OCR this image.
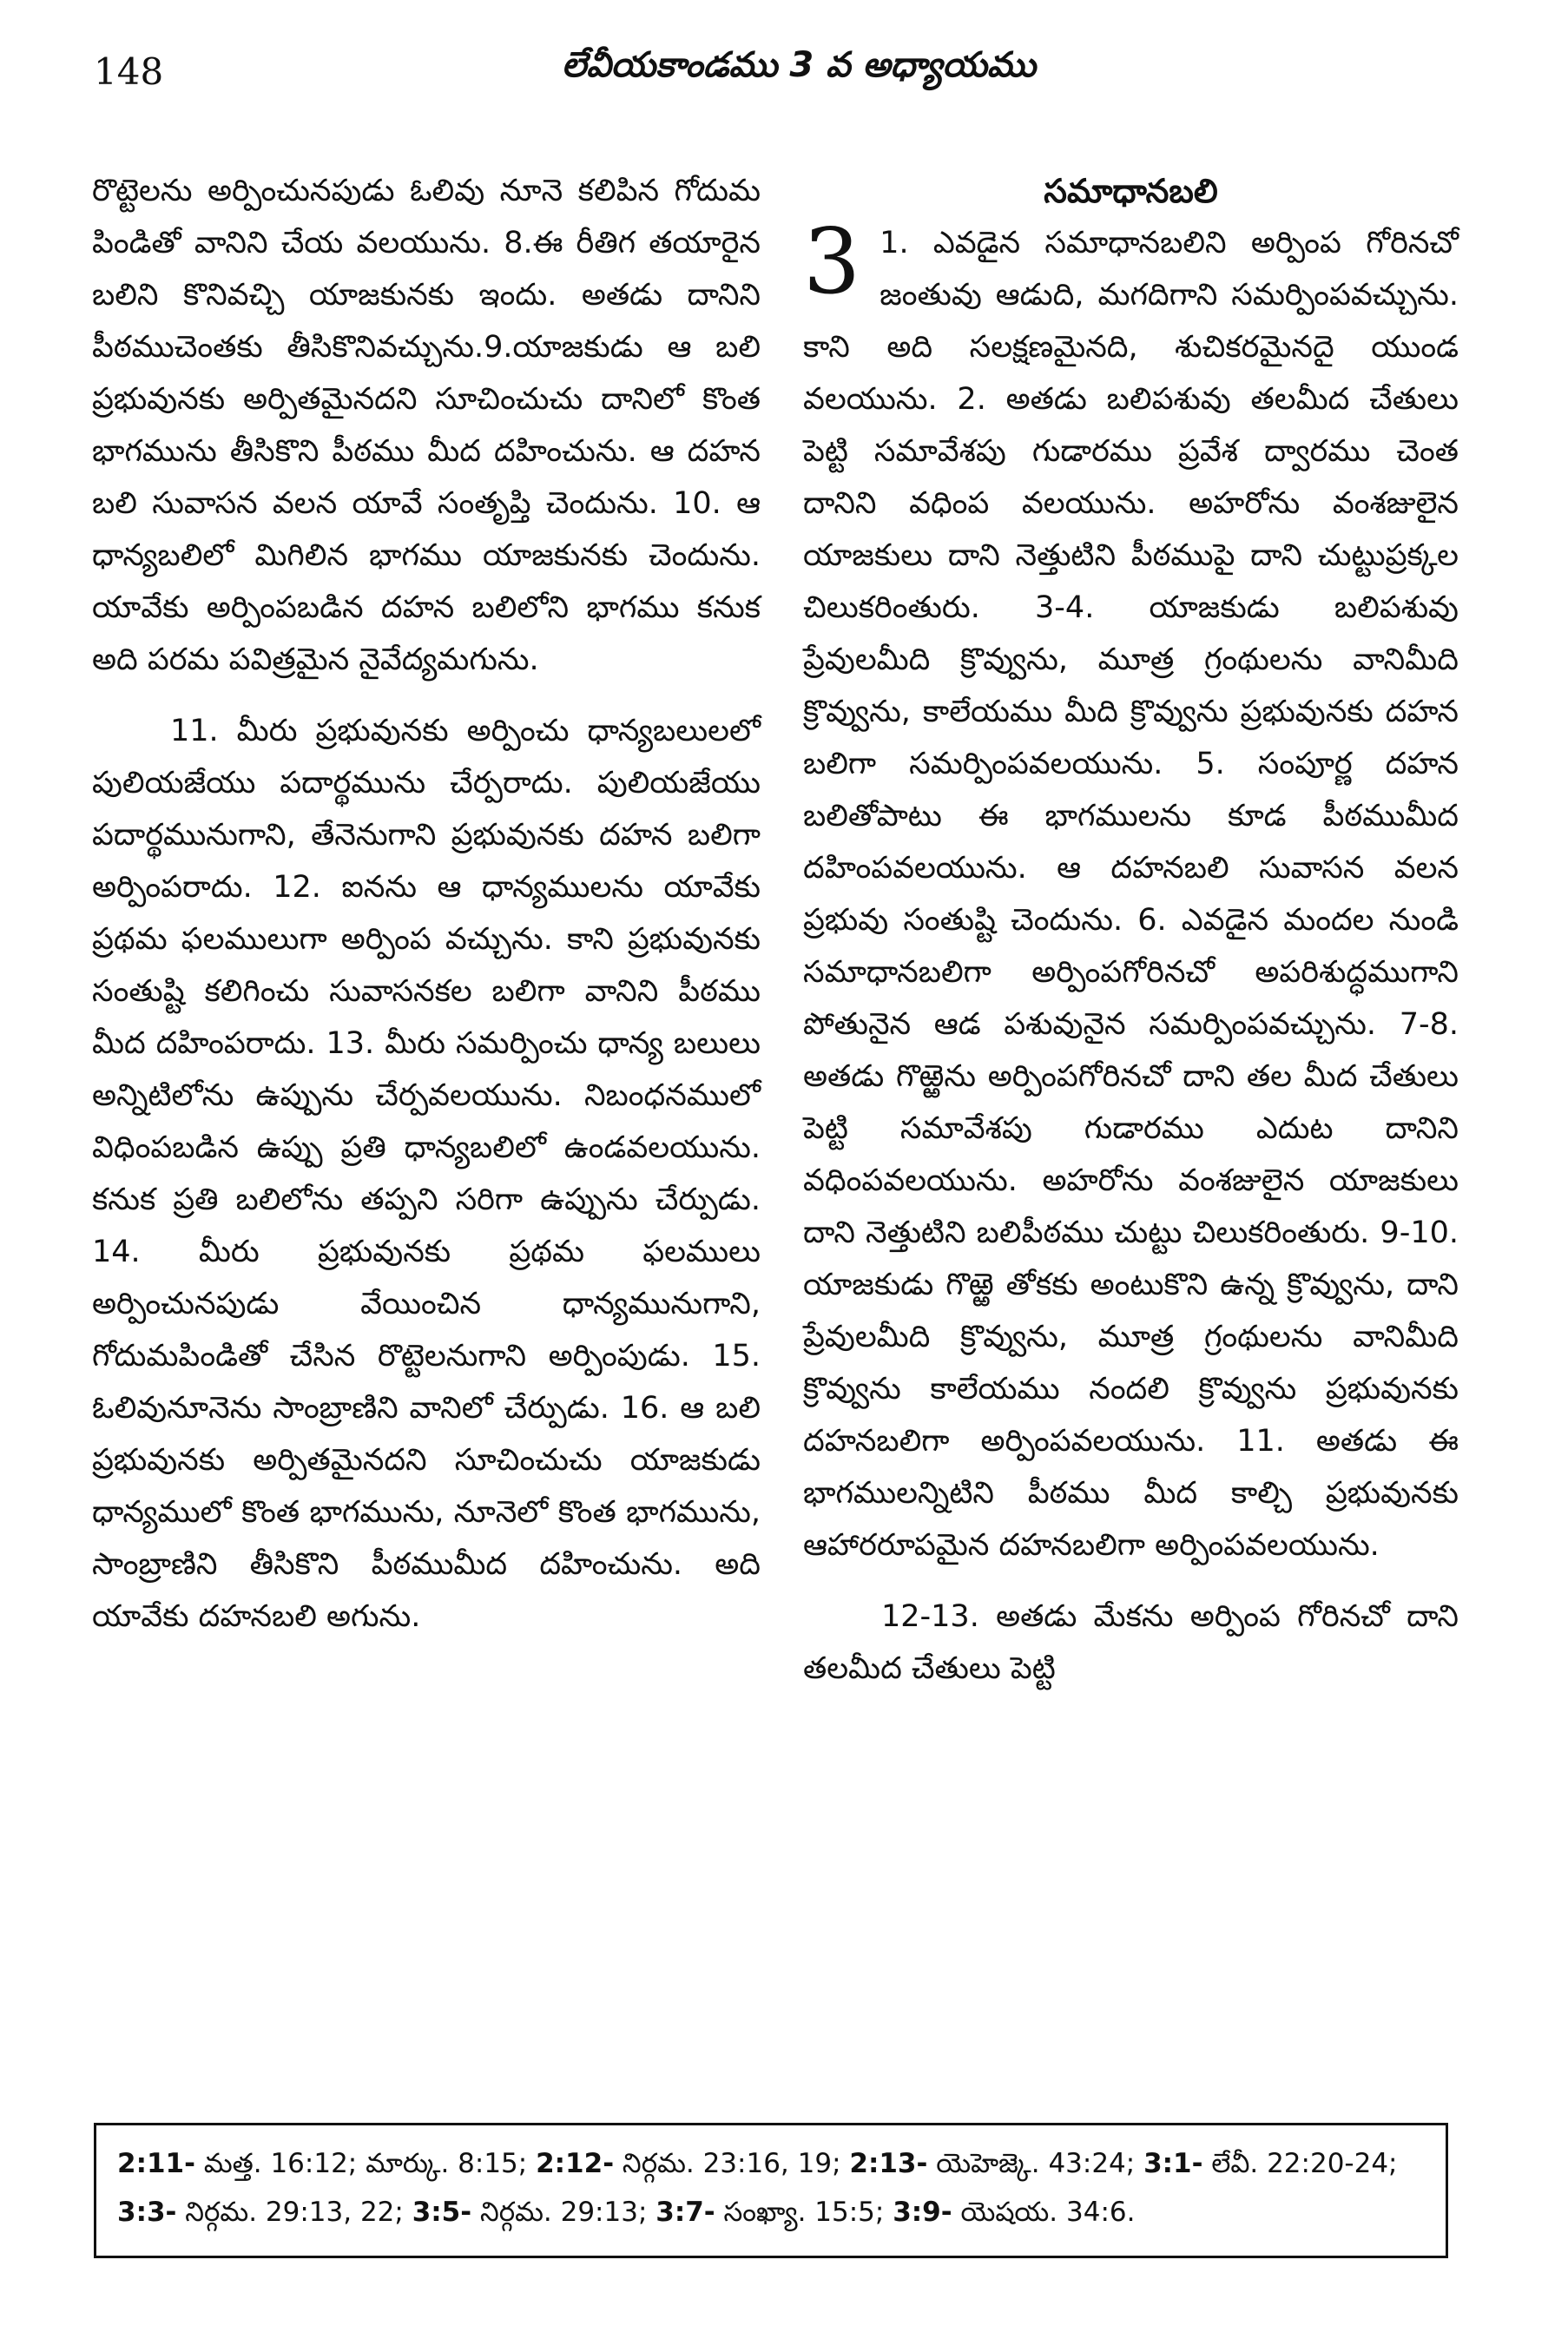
148	లేవీయకాండము 3 వ అధ్యాయము

రొట్టెలను అర్పించునపుడు ఓలివు నూనె కలిపిన గోదుమ పిండితో వానిని చేయ వలయును. 8.ఈ రీతిగ తయారైన బలిని కొనివచ్చి యాజకునకు ఇందు. అతడు దానిని పీఠముచెంతకు తీసికొనివచ్చును.9.యాజకుడు ఆ బలి ప్రభువునకు అర్పితమైనదని సూచించుచు దానిలో కొంత భాగమును తీసికొని పీఠము మీద దహించును. ఆ దహన బలి సువాసన వలన యావే సంతృప్తి చెందును. 10. ఆ ధాన్యబలిలో మిగిలిన భాగము యాజకునకు చెందును. యావేకు అర్పింపబడిన దహన బలిలోని భాగము కనుక అది పరమ పవిత్రమైన నైవేద్యమగును.

11. మీరు ప్రభువునకు అర్పించు ధాన్యబలులలో పులియజేయు పదార్థమును చేర్పరాదు. పులియజేయు పదార్థమునుగాని, తేనెనుగాని ప్రభువునకు దహన బలిగా అర్పింపరాదు. 12. ఐనను ఆ ధాన్యములను యావేకు ప్రథమ ఫలములుగా అర్పింప వచ్చును. కాని ప్రభువునకు సంతుష్టి కలిగించు సువాసనకల బలిగా వానిని పీఠము మీద దహింపరాదు. 13. మీరు సమర్పించు ధాన్య బలులు అన్నిటిలోను ఉప్పును చేర్పవలయును. నిబంధనములో విధింపబడిన ఉప్పు ప్రతి ధాన్యబలిలో ఉండవలయును. కనుక ప్రతి బలిలోను తప్పని సరిగా ఉప్పును చేర్పుడు. 14. మీరు ప్రభువునకు ప్రథమ ఫలములు అర్పించునపుడు వేయించిన ధాన్యమునుగాని, గోదుమపిండితో చేసిన రొట్టెలనుగాని అర్పింపుడు. 15. ఓలివునూనెను సాంబ్రాణిని వానిలో చేర్పుడు. 16. ఆ బలి ప్రభువునకు అర్పితమైనదని సూచించుచు యాజకుడు ధాన్యములో కొంత భాగమును, నూనెలో కొంత భాగమును, సాంబ్రాణిని తీసికొని పీఠముమీద దహించును. అది యావేకు దహనబలి అగును.

సమాధానబలి
3 1. ఎవడైన సమాధానబలిని అర్పింప గోరినచో జంతువు ఆడుది, మగదిగాని సమర్పింపవచ్చును. కాని అది సలక్షణమైనది, శుచికరమైనదై యుండ వలయును. 2. అతడు బలిపశువు తలమీద చేతులు పెట్టి సమావేశపు గుడారము ప్రవేశ ద్వారము చెంత దానిని వధింప వలయును. అహరోను వంశజులైన యాజకులు దాని నెత్తుటిని పీఠముపై దాని చుట్టుప్రక్కల చిలుకరింతురు. 3-4. యాజకుడు బలిపశువు ప్రేవులమీది క్రొవ్వును, మూత్ర గ్రంథులను వానిమీది క్రొవ్వును, కాలేయము మీది క్రొవ్వును ప్రభువునకు దహన బలిగా సమర్పింపవలయును. 5. సంపూర్ణ దహన బలితోపాటు ఈ భాగములను కూడ పీఠముమీద దహింపవలయును. ఆ దహనబలి సువాసన వలన ప్రభువు సంతుష్టి చెందును. 6. ఎవడైన మందల నుండి సమాధానబలిగా అర్పింపగోరినచో అపరిశుద్ధముగాని పోతునైన ఆడ పశువునైన సమర్పింపవచ్చును. 7-8. అతడు గొఱ్ఱెను అర్పింపగోరినచో దాని తల మీద చేతులు పెట్టి సమావేశపు గుడారము ఎదుట దానిని వధింపవలయును. అహరోను వంశజులైన యాజకులు దాని నెత్తుటిని బలిపీఠము చుట్టు చిలుకరింతురు. 9-10. యాజకుడు గొఱ్ఱె తోకకు అంటుకొని ఉన్న క్రొవ్వును, దాని ప్రేవులమీది క్రొవ్వును, మూత్ర గ్రంథులను వానిమీది క్రొవ్వును కాలేయము నందలి క్రొవ్వును ప్రభువునకు దహనబలిగా అర్పింపవలయును. 11. అతడు ఈ భాగములన్నిటిని పీఠము మీద కాల్చి ప్రభువునకు ఆహారరూపమైన దహనబలిగా అర్పింపవలయును.

12-13. అతడు మేకను అర్పింప గోరినచో దాని తలమీద చేతులు పెట్టి

2:11- మత్త. 16:12; మార్కు. 8:15; 2:12- నిర్గమ. 23:16, 19; 2:13- యెహెజ్కె. 43:24; 3:1- లేవీ. 22:20-24; 3:3- నిర్గమ. 29:13, 22; 3:5- నిర్గమ. 29:13; 3:7- సంఖ్యా. 15:5; 3:9- యెషయ. 34:6.
